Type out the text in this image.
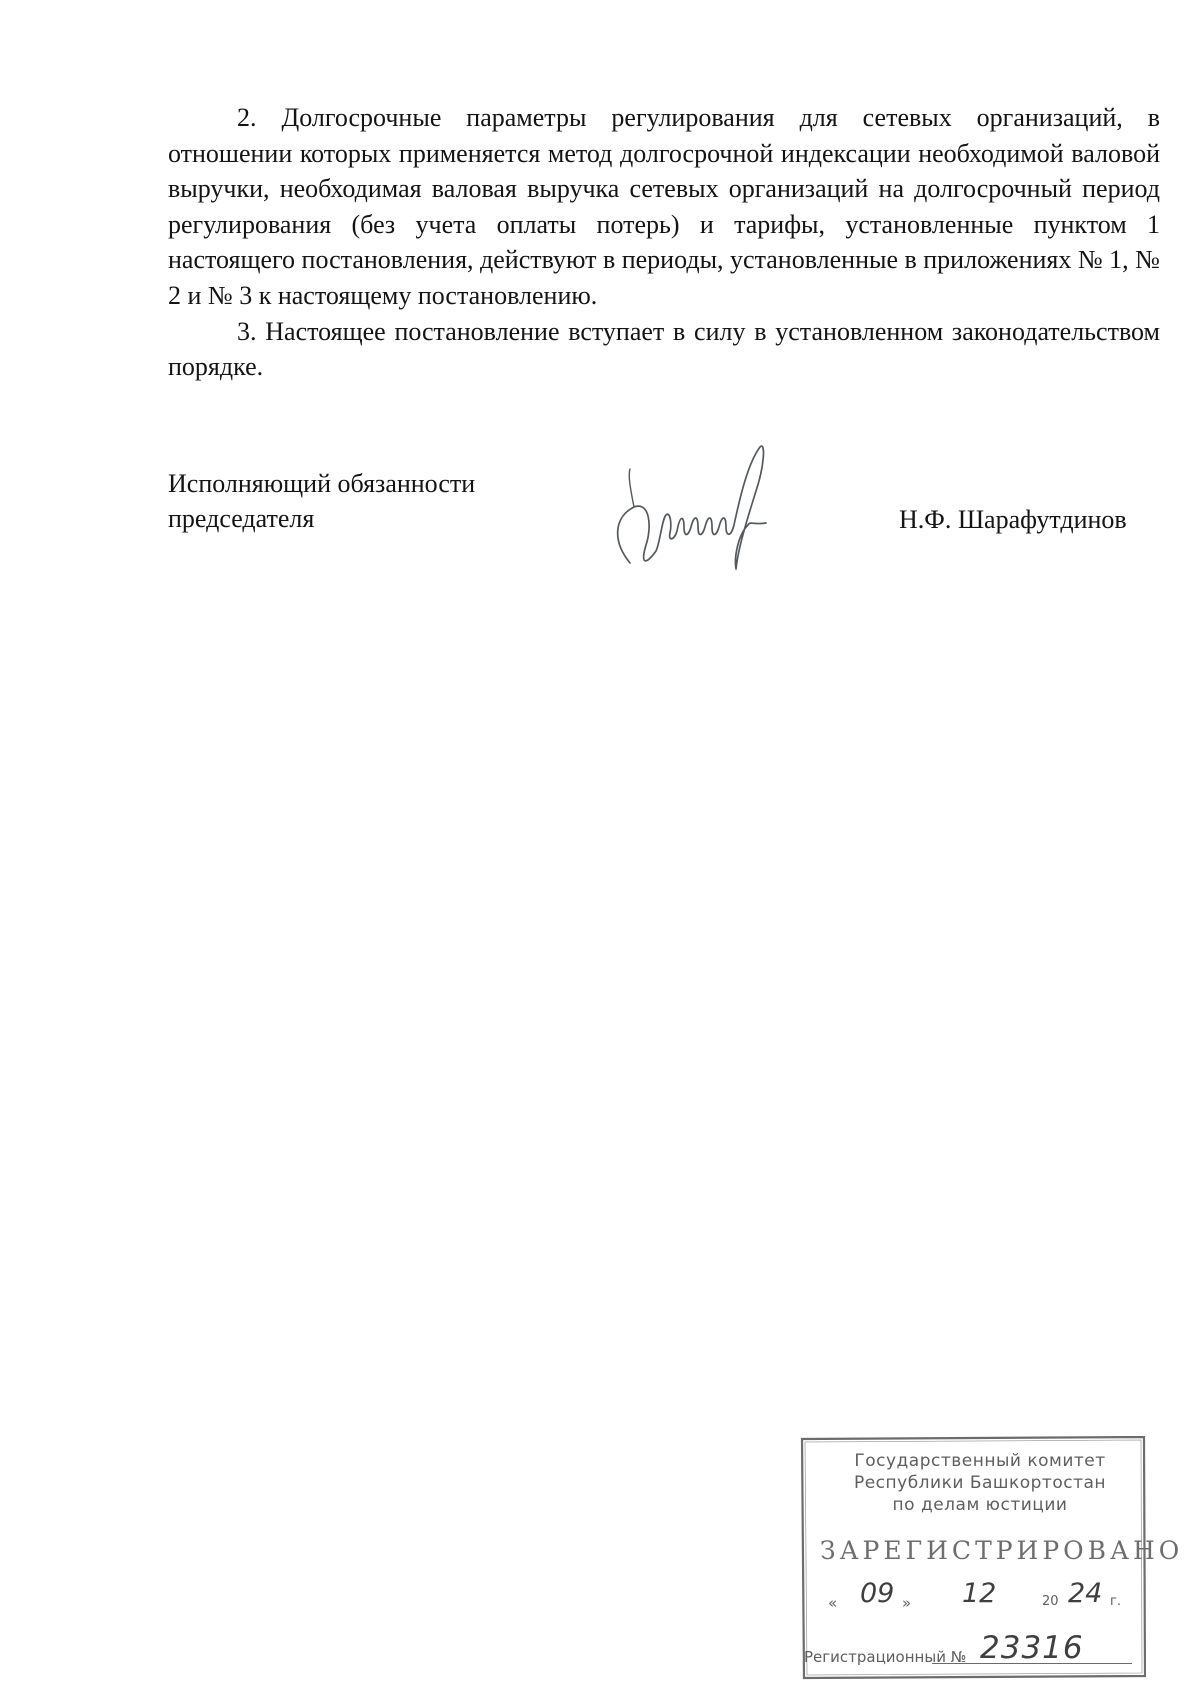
2. Долгосрочные параметры регулирования для сетевых организаций, в отношении которых применяется метод долгосрочной индексации необходимой валовой выручки, необходимая валовая выручка сетевых организаций на долгосрочный период регулирования (без учета оплаты потерь) и тарифы, установленные пунктом 1 настоящего постановления, действуют в периоды, установленные в приложениях № 1, № 2 и № 3 к настоящему постановлению.

3. Настоящее постановление вступает в силу в установленном законодательством порядке.

Исполняющий обязанности
председателя	Н.Ф. Шарафутдинов
Государственный комитет
Республики Башкортостан
по делам юстиции
ЗАРЕГИСТРИРОВАНО
« 09 » 12	20 24 г.
Регистрационный № 23316
